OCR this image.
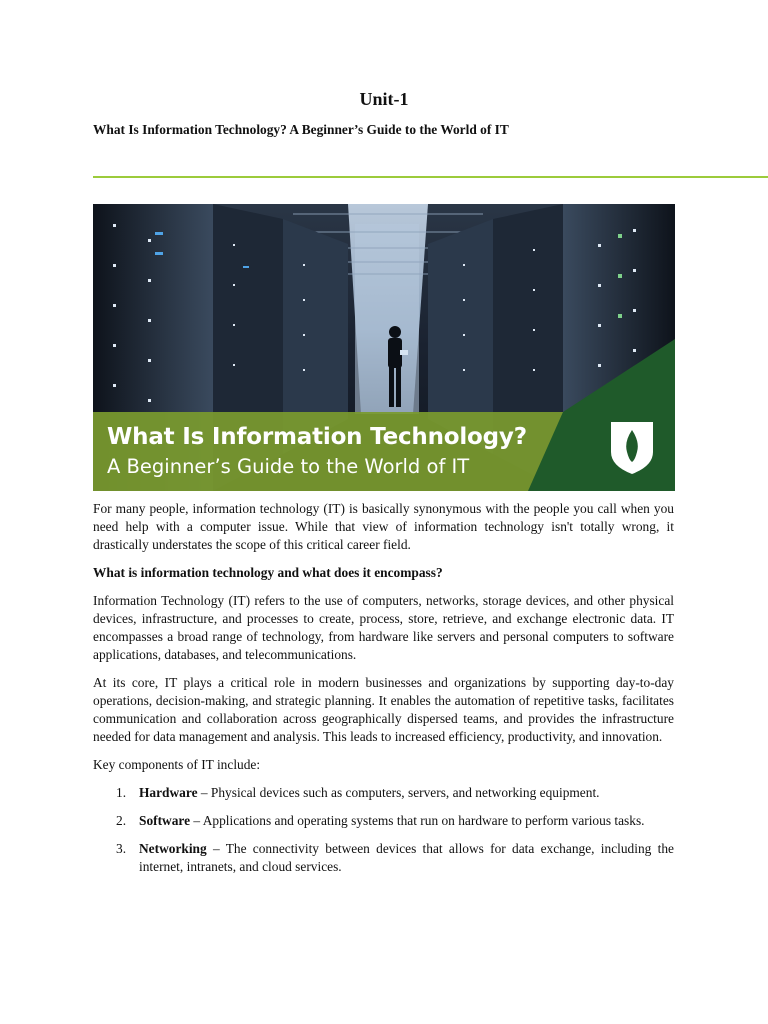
Unit-1

What Is Information Technology? A Beginner’s Guide to the World of IT

What Is Information Technology?
A Beginner’s Guide to the World of IT

For many people, information technology (IT) is basically synonymous with the people you call when you need help with a computer issue. While that view of information technology isn't totally wrong, it drastically understates the scope of this critical career field.

What is information technology and what does it encompass?

Information Technology (IT) refers to the use of computers, networks, storage devices, and other physical devices, infrastructure, and processes to create, process, store, retrieve, and exchange electronic data. IT encompasses a broad range of technology, from hardware like servers and personal computers to software applications, databases, and telecommunications.

At its core, IT plays a critical role in modern businesses and organizations by supporting day-to-day operations, decision-making, and strategic planning. It enables the automation of repetitive tasks, facilitates communication and collaboration across geographically dispersed teams, and provides the infrastructure needed for data management and analysis. This leads to increased efficiency, productivity, and innovation.

Key components of IT include:

1. Hardware – Physical devices such as computers, servers, and networking equipment.
2. Software – Applications and operating systems that run on hardware to perform various tasks.
3. Networking – The connectivity between devices that allows for data exchange, including the internet, intranets, and cloud services.
